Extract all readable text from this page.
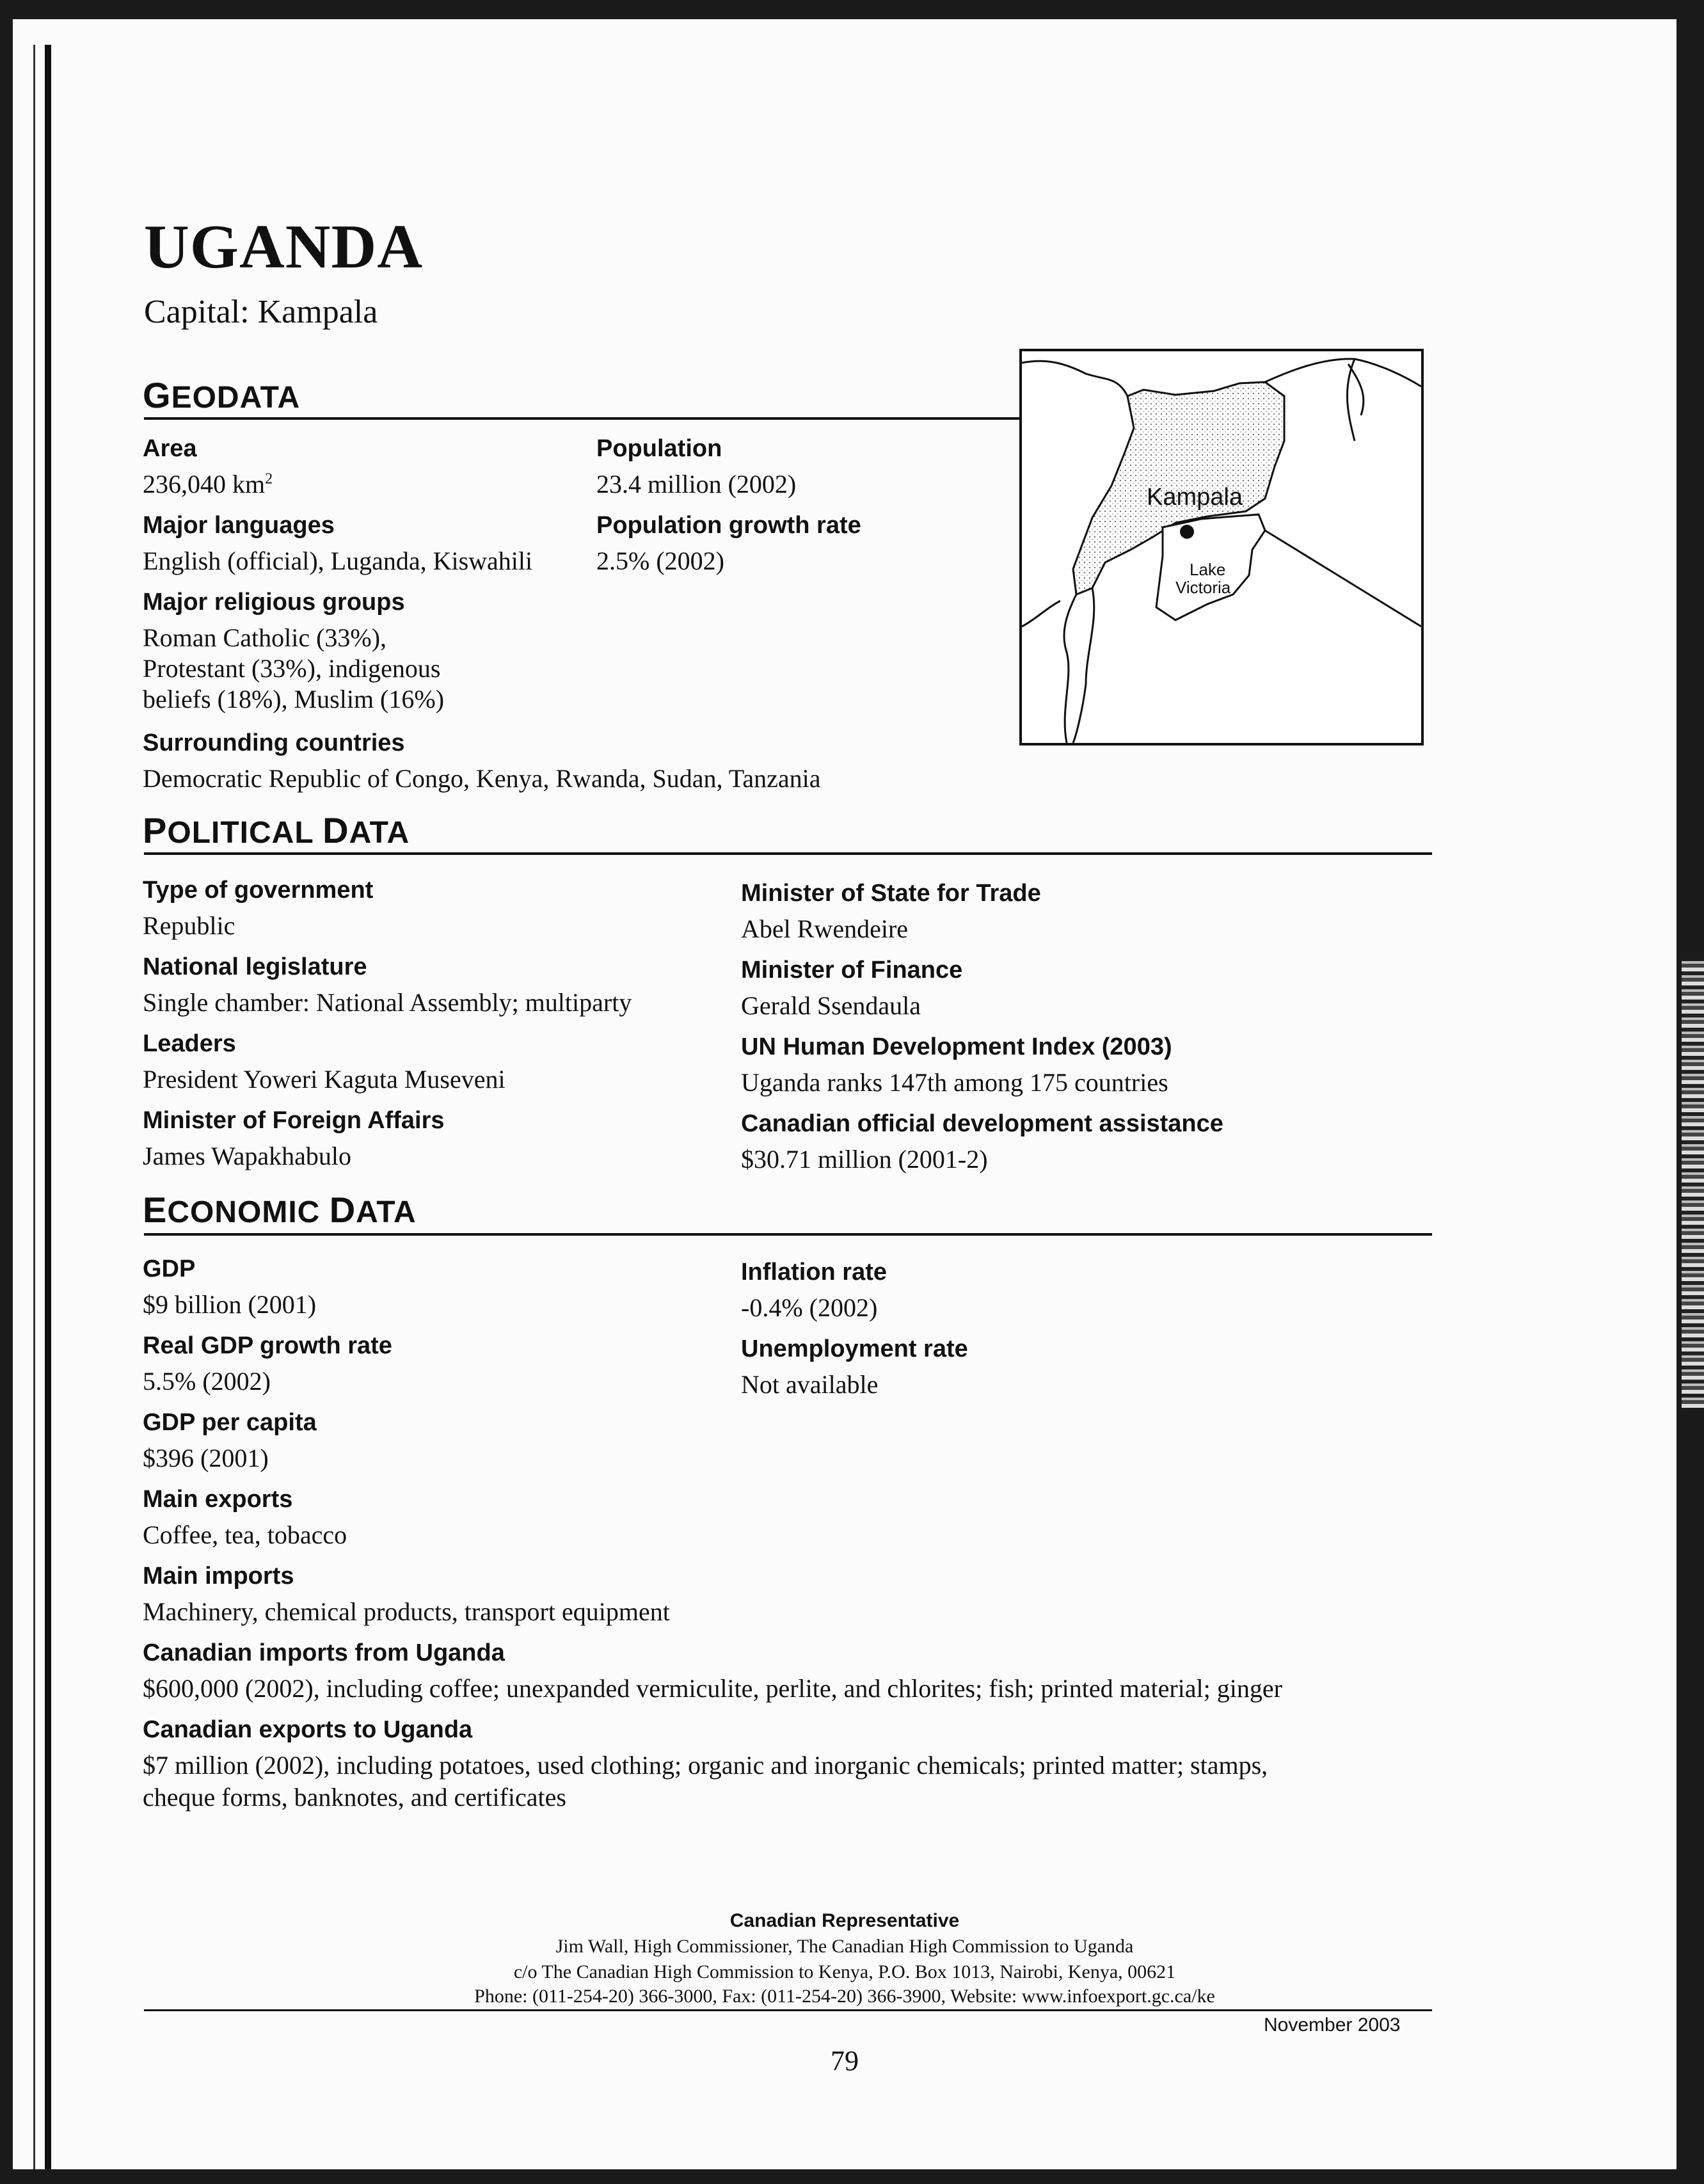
UGANDA
Capital: Kampala
GEODATA
Area
236,040 $km^2$
Population
23.4 million (2002)
Major languages
English (official), Luganda, Kiswahili
Population growth rate
2.5% (2002)
Major religious groups
Roman Catholic (33%),
Protestant (33%), indigenous
beliefs (18%), Muslim (16%)
Surrounding countries
Democratic Republic of Congo, Kenya, Rwanda, Sudan, Tanzania
Kampala
Lake
Victoria
POLITICAL DATA
Type of government
Republic
National legislature
Single chamber: National Assembly; multiparty
Leaders
President Yoweri Kaguta Museveni
Minister of Foreign Affairs
James Wapakhabulo
Minister of State for Trade
Abel Rwendeire
Minister of Finance
Gerald Ssendaula
UN Human Development Index (2003)
Uganda ranks 147th among 175 countries
Canadian official development assistance
$30.71 million (2001-2)
ECONOMIC DATA
GDP
$9 billion (2001)
Real GDP growth rate
5.5% (2002)
GDP per capita
$396 (2001)
Main exports
Coffee, tea, tobacco
Main imports
Machinery, chemical products, transport equipment
Canadian imports from Uganda
$600,000 (2002), including coffee; unexpanded vermiculite, perlite, and chlorites; fish; printed material; ginger
Inflation rate
-0.4% (2002)
Unemployment rate
Not available
Canadian exports to Uganda
$7 million (2002), including potatoes, used clothing; organic and inorganic chemicals; printed matter; stamps,
cheque forms, banknotes, and certificates
Canadian Representative
Jim Wall, High Commissioner, The Canadian High Commission to Uganda
c/o The Canadian High Commission to Kenya, P.O. Box 1013, Nairobi, Kenya, 00621
Phone: (011-254-20) 366-3000, Fax: (011-254-20) 366-3900, Website: www.infoexport.gc.ca/ke
November 2003
79
